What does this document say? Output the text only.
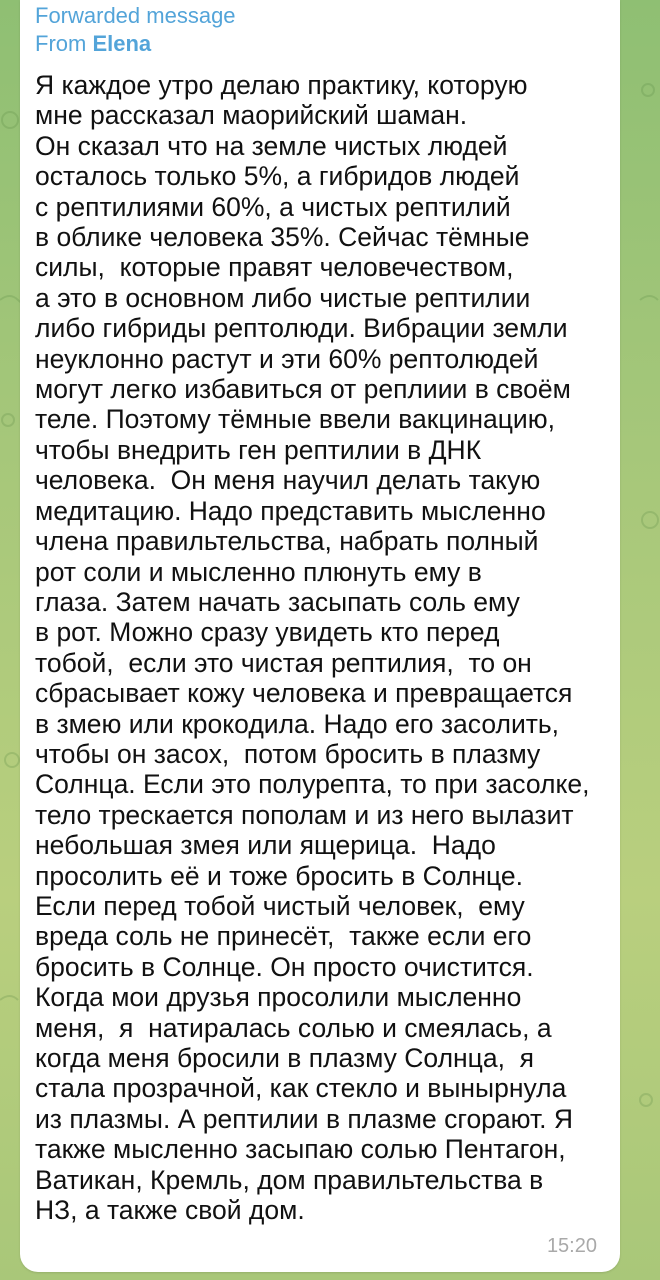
Forwarded message
From Elena
Я каждое утро делаю практику, которую
мне рассказал маорийский шаман.
Он сказал что на земле чистых людей
осталось только 5%, а гибридов людей
с рептилиями 60%, а чистых рептилий
в облике человека 35%. Сейчас тёмные
силы,  которые правят человечеством,
а это в основном либо чистые рептилии
либо гибриды рептолюди. Вибрации земли
неуклонно растут и эти 60% рептолюдей
могут легко избавиться от реплиии в своём
теле. Поэтому тёмные ввели вакцинацию,
чтобы внедрить ген рептилии в ДНК
человека.  Он меня научил делать такую
медитацию. Надо представить мысленно
члена правильтельства, набрать полный
рот соли и мысленно плюнуть ему в
глаза. Затем начать засыпать соль ему
в рот. Можно сразу увидеть кто перед
тобой,  если это чистая рептилия,  то он
сбрасывает кожу человека и превращается
в змею или крокодила. Надо его засолить,
чтобы он засох,  потом бросить в плазму
Солнца. Если это полурепта, то при засолке,
тело трескается пополам и из него вылазит
небольшая змея или ящерица.  Надо
просолить её и тоже бросить в Солнце.
Если перед тобой чистый человек,  ему
вреда соль не принесёт,  также если его
бросить в Солнце. Он просто очистится.
Когда мои друзья просолили мысленно
меня,  я  натиралась солью и смеялась, а
когда меня бросили в плазму Солнца,  я
стала прозрачной, как стекло и вынырнула
из плазмы. А рептилии в плазме сгорают. Я
также мысленно засыпаю солью Пентагон,
Ватикан, Кремль, дом правильтельства в
НЗ, а также свой дом.
15:20
